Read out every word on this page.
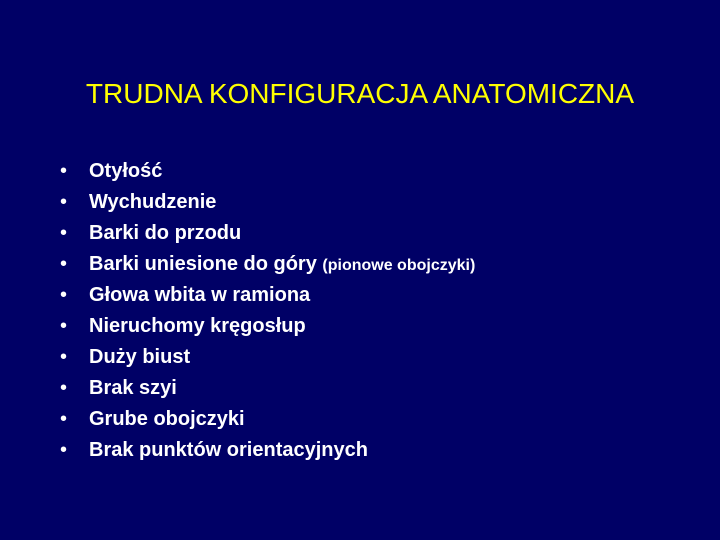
TRUDNA KONFIGURACJA ANATOMICZNA
•	Otyłość
•	Wychudzenie
•	Barki do przodu
•	Barki uniesione do góry
(pionowe obojczyki)
•	Głowa wbita w ramiona
•	Nieruchomy kręgosłup
•	Duży biust
•	Brak szyi
•	Grube obojczyki
•	Brak punktów orientacyjnych
